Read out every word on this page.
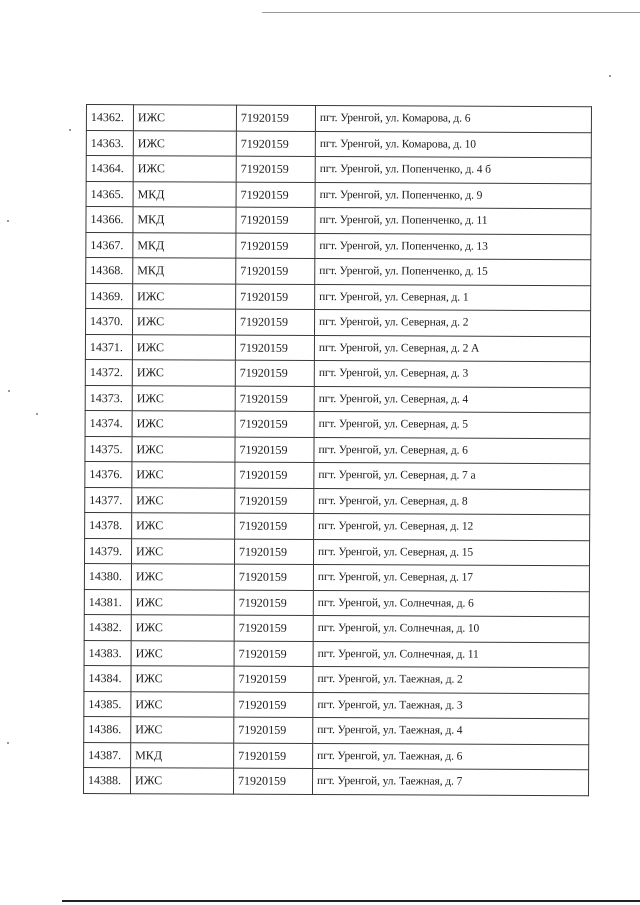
14362.	ИЖС	71920159	пгт. Уренгой, ул. Комарова, д. 6
14363.	ИЖС	71920159	пгт. Уренгой, ул. Комарова, д. 10
14364.	ИЖС	71920159	пгт. Уренгой, ул. Попенченко, д. 4 б
14365.	МКД	71920159	пгт. Уренгой, ул. Попенченко, д. 9
14366.	МКД	71920159	пгт. Уренгой, ул. Попенченко, д. 11
14367.	МКД	71920159	пгт. Уренгой, ул. Попенченко, д. 13
14368.	МКД	71920159	пгт. Уренгой, ул. Попенченко, д. 15
14369.	ИЖС	71920159	пгт. Уренгой, ул. Северная, д. 1
14370.	ИЖС	71920159	пгт. Уренгой, ул. Северная, д. 2
14371.	ИЖС	71920159	пгт. Уренгой, ул. Северная, д. 2 А
14372.	ИЖС	71920159	пгт. Уренгой, ул. Северная, д. 3
14373.	ИЖС	71920159	пгт. Уренгой, ул. Северная, д. 4
14374.	ИЖС	71920159	пгт. Уренгой, ул. Северная, д. 5
14375.	ИЖС	71920159	пгт. Уренгой, ул. Северная, д. 6
14376.	ИЖС	71920159	пгт. Уренгой, ул. Северная, д. 7 а
14377.	ИЖС	71920159	пгт. Уренгой, ул. Северная, д. 8
14378.	ИЖС	71920159	пгт. Уренгой, ул. Северная, д. 12
14379.	ИЖС	71920159	пгт. Уренгой, ул. Северная, д. 15
14380.	ИЖС	71920159	пгт. Уренгой, ул. Северная, д. 17
14381.	ИЖС	71920159	пгт. Уренгой, ул. Солнечная, д. 6
14382.	ИЖС	71920159	пгт. Уренгой, ул. Солнечная, д. 10
14383.	ИЖС	71920159	пгт. Уренгой, ул. Солнечная, д. 11
14384.	ИЖС	71920159	пгт. Уренгой, ул. Таежная, д. 2
14385.	ИЖС	71920159	пгт. Уренгой, ул. Таежная, д. 3
14386.	ИЖС	71920159	пгт. Уренгой, ул. Таежная, д. 4
14387.	МКД	71920159	пгт. Уренгой, ул. Таежная, д. 6
14388.	ИЖС	71920159	пгт. Уренгой, ул. Таежная, д. 7
